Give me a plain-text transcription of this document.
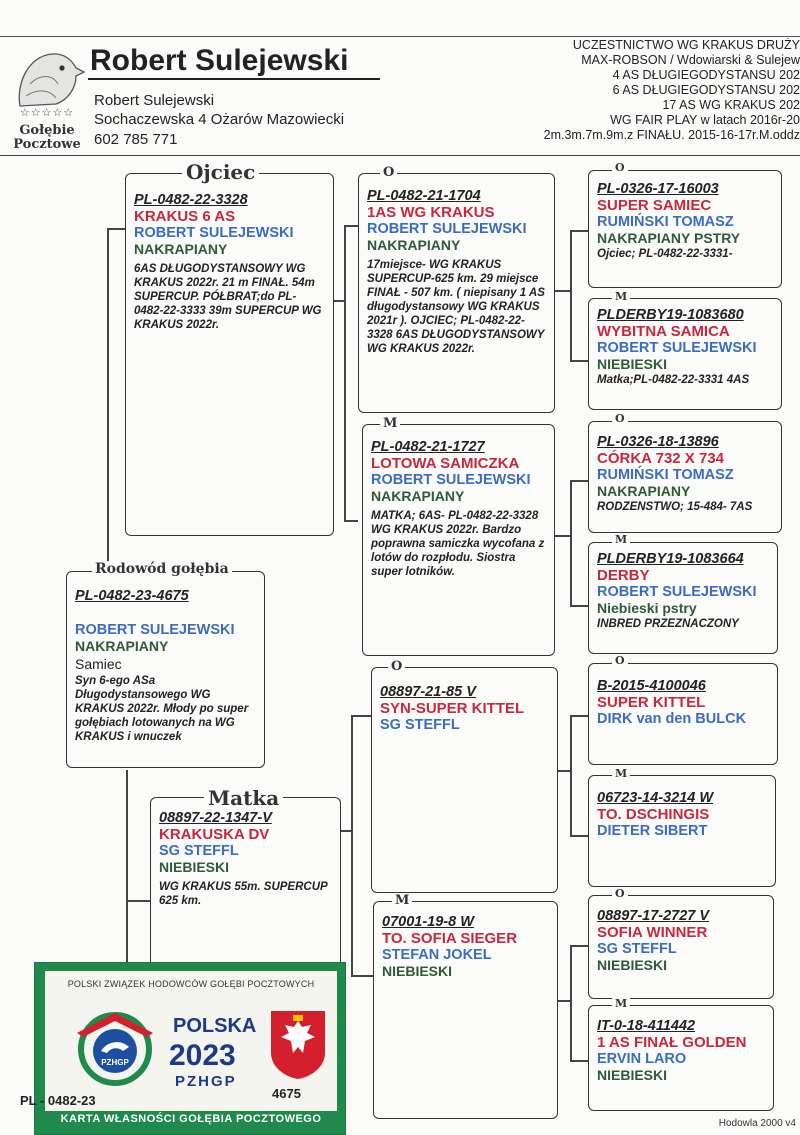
☆☆☆☆☆
Gołębie
Pocztowe
Robert Sulejewski
Robert Sulejewski
Sochaczewska 4 Ożarów Mazowiecki
602 785 771
UCZESTNICTWO WG KRAKUS DRUŻY
MAX-ROBSON / Wdowiarski & Sulejew
4 AS DŁUGIEGODYSTANSU 202
6 AS DŁUGIEGODYSTANSU 202
17 AS WG KRAKUS 202
WG FAIR PLAY w latach 2016r-20
2m.3m.7m.9m.z FINAŁU. 2015-16-17r.M.oddz
PL-0482-22-3328
KRAKUS 6 AS
ROBERT SULEJEWSKI
NAKRAPIANY
6AS DŁUGODYSTANSOWY WG KRAKUS 2022r. 21 m FINAŁ. 54m SUPERCUP. PÓŁBRAT;do PL-0482-22-3333 39m SUPERCUP WG KRAKUS 2022r.
Ojciec
PL-0482-23-4675
ROBERT SULEJEWSKI
NAKRAPIANY
Samiec
Syn 6-ego ASa Długodystansowego WG KRAKUS 2022r. Młody po super gołębiach lotowanych na WG KRAKUS i wnuczek
Rodowód gołębia
08897-22-1347-V
KRAKUSKA DV
SG STEFFL
NIEBIESKI
WG KRAKUS 55m. SUPERCUP 625 km.
Matka
PL-0482-21-1704
1AS WG KRAKUS
ROBERT SULEJEWSKI
NAKRAPIANY
17miejsce- WG KRAKUS SUPERCUP-625 km. 29 miejsce FINAŁ - 507 km. ( niepisany 1 AS długodystansowy WG KRAKUS 2021r ). OJCIEC; PL-0482-22-3328 6AS DŁUGODYSTANSOWY WG KRAKUS 2022r.
O
PL-0482-21-1727
LOTOWA SAMICZKA
ROBERT SULEJEWSKI
NAKRAPIANY
MATKA; 6AS- PL-0482-22-3328 WG KRAKUS 2022r. Bardzo poprawna samiczka wycofana z lotów do rozpłodu. Siostra super lotników.
M
08897-21-85 V
SYN-SUPER KITTEL
SG STEFFL
O
07001-19-8 W
TO. SOFIA SIEGER
STEFAN JOKEL
NIEBIESKI
M
PL-0326-17-16003
SUPER SAMIEC
RUMIŃSKI TOMASZ
NAKRAPIANY PSTRY
Ojciec; PL-0482-22-3331-
O
PLDERBY19-1083680
WYBITNA SAMICA
ROBERT SULEJEWSKI
NIEBIESKI
Matka;PL-0482-22-3331 4AS
M
PL-0326-18-13896
CÓRKA 732 X 734
RUMIŃSKI TOMASZ
NAKRAPIANY
RODZENSTWO; 15-484- 7AS
O
PLDERBY19-1083664
DERBY
ROBERT SULEJEWSKI
Niebieski pstry
INBRED PRZEZNACZONY
M
B-2015-4100046
SUPER KITTEL
DIRK van den BULCK
O
06723-14-3214 W
TO. DSCHINGIS
DIETER SIBERT
M
08897-17-2727 V
SOFIA WINNER
SG STEFFL
NIEBIESKI
O
IT-0-18-411442
1 AS FINAŁ GOLDEN
ERVIN LARO
NIEBIESKI
M
Hodowla 2000 v4
POLSKI ZWIĄZEK HODOWCÓW GOŁĘBI POCZTOWYCH
PZHGP
POLSKA
2023
PZHGP
KARTA WŁASNOŚCI GOŁĘBIA POCZTOWEGO
PL - 0482-23	4675
